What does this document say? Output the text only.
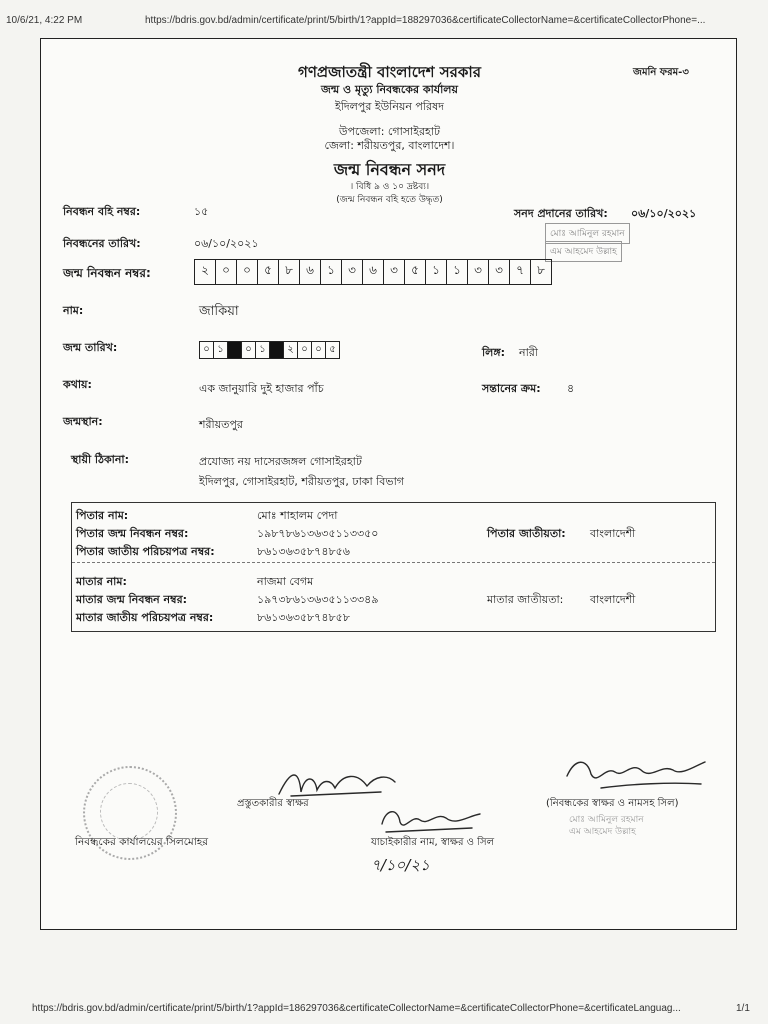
10/6/21, 4:22 PM	https://bdris.gov.bd/admin/certificate/print/5/birth/1?appId=188297036&certificateCollectorName=&certificateCollectorPhone=...
গণপ্রজাতন্ত্রী বাংলাদেশ সরকার	জমনি ফরম-৩
জন্ম ও মৃত্যু নিবন্ধকের কার্যালয়
ইদিলপুর ইউনিয়ন পরিষদ
উপজেলা: গোসাইরহাট
জেলা: শরীয়তপুর, বাংলাদেশ।
জন্ম নিবন্ধন সনদ
। বিধি ৯ ও ১০ দ্রষ্টব্য।
(জন্ম নিবন্ধন বহি হতে উদ্ধৃত)
নিবন্ধন বহি নম্বর:	১৫	সনদ প্রদানের তারিখ: ০৬/১০/২০২১
মোঃ আমিনুল রহমান
এম আহমেদ উল্লাহ
নিবন্ধনের তারিখ:	০৬/১০/২০২১
জন্ম নিবন্ধন নম্বর:	২	০	০	৫	৮	৬	১	৩	৬	৩	৫	১	১	৩	৩	৭	৮
নাম:	জাকিয়া
জন্ম তারিখ:	০ ১	০ ১	২ ০ ০ ৫	লিঙ্গ: নারী
কথায়:	এক জানুয়ারি দুই হাজার পাঁচ	সন্তানের ক্রম: ৪
জন্মস্থান:	শরীয়তপুর
স্থায়ী ঠিকানা:	প্রযোজ্য নয় দাসেরজঙ্গল গোসাইরহাট
ইদিলপুর, গোসাইরহাট, শরীয়তপুর, ঢাকা বিভাগ
পিতার নাম:	মোঃ শাহালম পেদা
পিতার জন্ম নিবন্ধন নম্বর:	১৯৮৭৮৬১৩৬৩৫১১৩৩৫০	পিতার জাতীয়তা: বাংলাদেশী
পিতার জাতীয় পরিচয়পত্র নম্বর:	৮৬১৩৬৩৫৮৭৪৮৫৬
মাতার নাম:	নাজমা বেগম
মাতার জন্ম নিবন্ধন নম্বর:	১৯৭৩৮৬১৩৬৩৫১১৩৩৪৯	মাতার জাতীয়তা: বাংলাদেশী
মাতার জাতীয় পরিচয়পত্র নম্বর:	৮৬১৩৬৩৫৮৭৪৮৫৮
প্রস্তুতকারীর স্বাক্ষর	(নিবন্ধকের স্বাক্ষর ও নামসহ সিল)
মোঃ আমিনুল রহমান
এম আহমেদ উল্লাহ
নিবন্ধকের কার্যালয়ের সিলমোহর	যাচাইকারীর নাম, স্বাক্ষর ও সিল
৭/১০/২১
https://bdris.gov.bd/admin/certificate/print/5/birth/1?appId=186297036&certificateCollectorName=&certificateCollectorPhone=&certificateLanguag...	1/1
